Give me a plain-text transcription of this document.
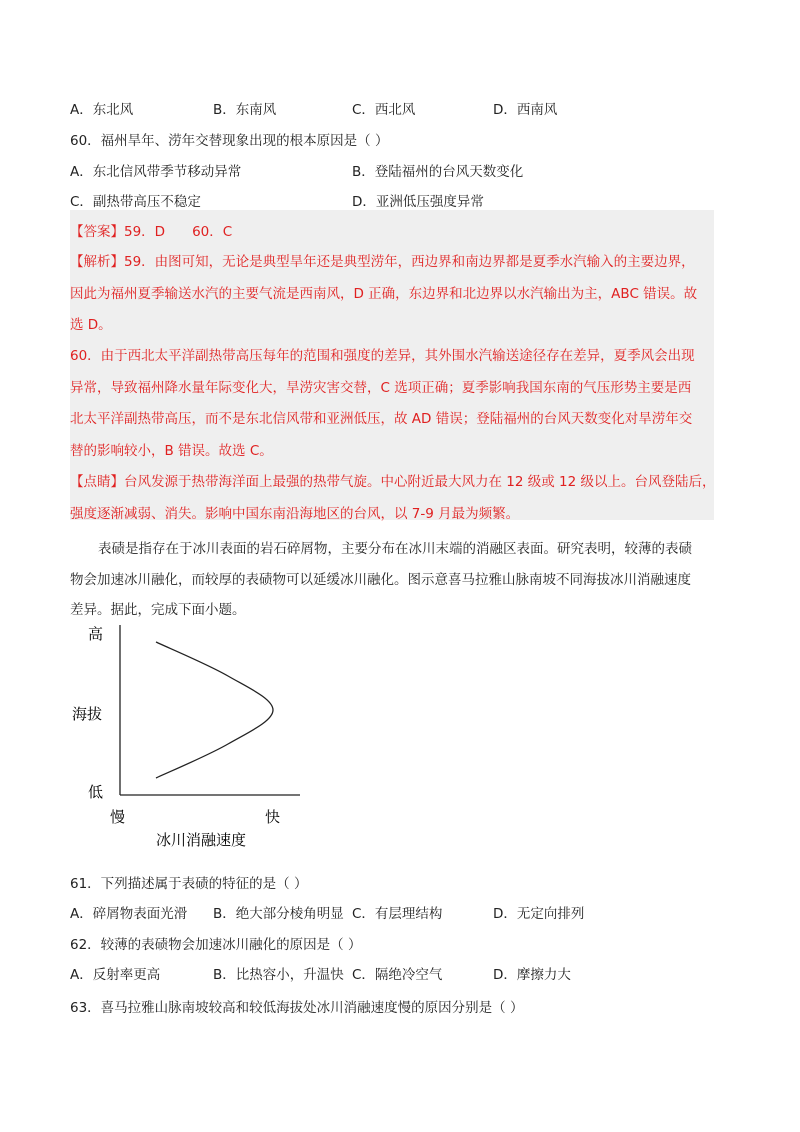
A．东北风	B．东南风	C．西北风	D．西南风
60．福州旱年、涝年交替现象出现的根本原因是（ ）
A．东北信风带季节移动异常	B．登陆福州的台风天数变化
C．副热带高压不稳定	D．亚洲低压强度异常
【答案】59．D　　60．C
【解析】59．由图可知，无论是典型旱年还是典型涝年，西边界和南边界都是夏季水汽输入的主要边界，
因此为福州夏季输送水汽的主要气流是西南风，D 正确，东边界和北边界以水汽输出为主，ABC 错误。故
选 D。
60．由于西北太平洋副热带高压每年的范围和强度的差异，其外围水汽输送途径存在差异，夏季风会出现
异常，导致福州降水量年际变化大，旱涝灾害交替，C 选项正确；夏季影响我国东南的气压形势主要是西
北太平洋副热带高压，而不是东北信风带和亚洲低压，故 AD 错误；登陆福州的台风天数变化对旱涝年交
替的影响较小，B 错误。故选 C。
【点睛】台风发源于热带海洋面上最强的热带气旋。中心附近最大风力在 12 级或 12 级以上。台风登陆后，
强度逐渐减弱、消失。影响中国东南沿海地区的台风，以 7-9 月最为频繁。
表碛是指存在于冰川表面的岩石碎屑物，主要分布在冰川末端的消融区表面。研究表明，较薄的表碛
物会加速冰川融化，而较厚的表碛物可以延缓冰川融化。图示意喜马拉雅山脉南坡不同海拔冰川消融速度
差异。据此，完成下面小题。
高
海拔
低
慢	快
冰川消融速度
61．下列描述属于表碛的特征的是（ ）
A．碎屑物表面光滑 B．绝大部分棱角明显 C．有层理结构	D．无定向排列
62．较薄的表碛物会加速冰川融化的原因是（ ）
A．反射率更高	B．比热容小，升温快 C．隔绝冷空气	D．摩擦力大
63．喜马拉雅山脉南坡较高和较低海拔处冰川消融速度慢的原因分别是（ ）
